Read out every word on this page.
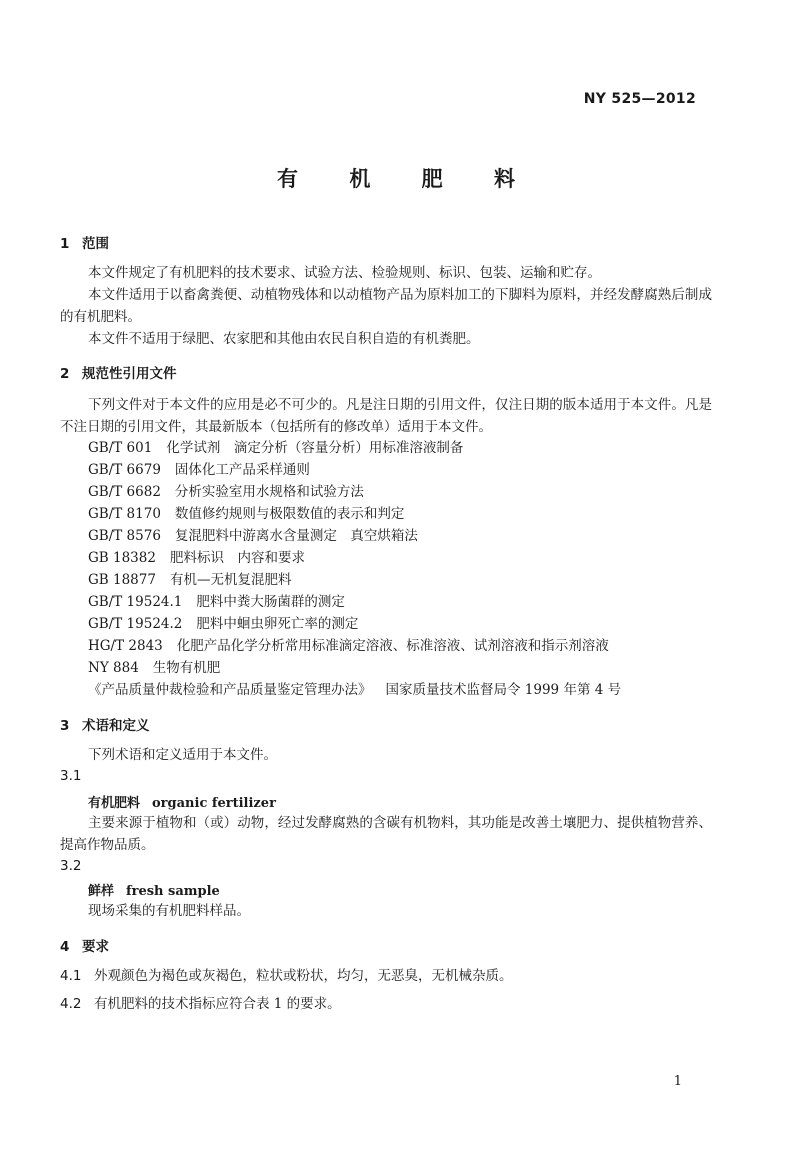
NY 525—2012
有 机 肥 料
1 范围
本文件规定了有机肥料的技术要求、试验方法、检验规则、标识、包装、运输和贮存。
本文件适用于以畜禽粪便、动植物残体和以动植物产品为原料加工的下脚料为原料，并经发酵腐熟后制成的有机肥料。
本文件不适用于绿肥、农家肥和其他由农民自积自造的有机粪肥。
2 规范性引用文件
下列文件对于本文件的应用是必不可少的。凡是注日期的引用文件，仅注日期的版本适用于本文件。凡是不注日期的引用文件，其最新版本（包括所有的修改单）适用于本文件。
GB/T 601 化学试剂　滴定分析（容量分析）用标准溶液制备
GB/T 6679 固体化工产品采样通则
GB/T 6682 分析实验室用水规格和试验方法
GB/T 8170 数值修约规则与极限数值的表示和判定
GB/T 8576 复混肥料中游离水含量测定　真空烘箱法
GB 18382 肥料标识　内容和要求
GB 18877 有机—无机复混肥料
GB/T 19524.1 肥料中粪大肠菌群的测定
GB/T 19524.2 肥料中蛔虫卵死亡率的测定
HG/T 2843 化肥产品化学分析常用标准滴定溶液、标准溶液、试剂溶液和指示剂溶液
NY 884 生物有机肥
《产品质量仲裁检验和产品质量鉴定管理办法》 国家质量技术监督局令 1999 年第 4 号
3 术语和定义
下列术语和定义适用于本文件。
3.1
有机肥料 organic fertilizer
主要来源于植物和（或）动物，经过发酵腐熟的含碳有机物料，其功能是改善土壤肥力、提供植物营养、提高作物品质。
3.2
鲜样 fresh sample
现场采集的有机肥料样品。
4 要求
4.1 外观颜色为褐色或灰褐色，粒状或粉状，均匀，无恶臭，无机械杂质。
4.2 有机肥料的技术指标应符合表 1 的要求。
1
